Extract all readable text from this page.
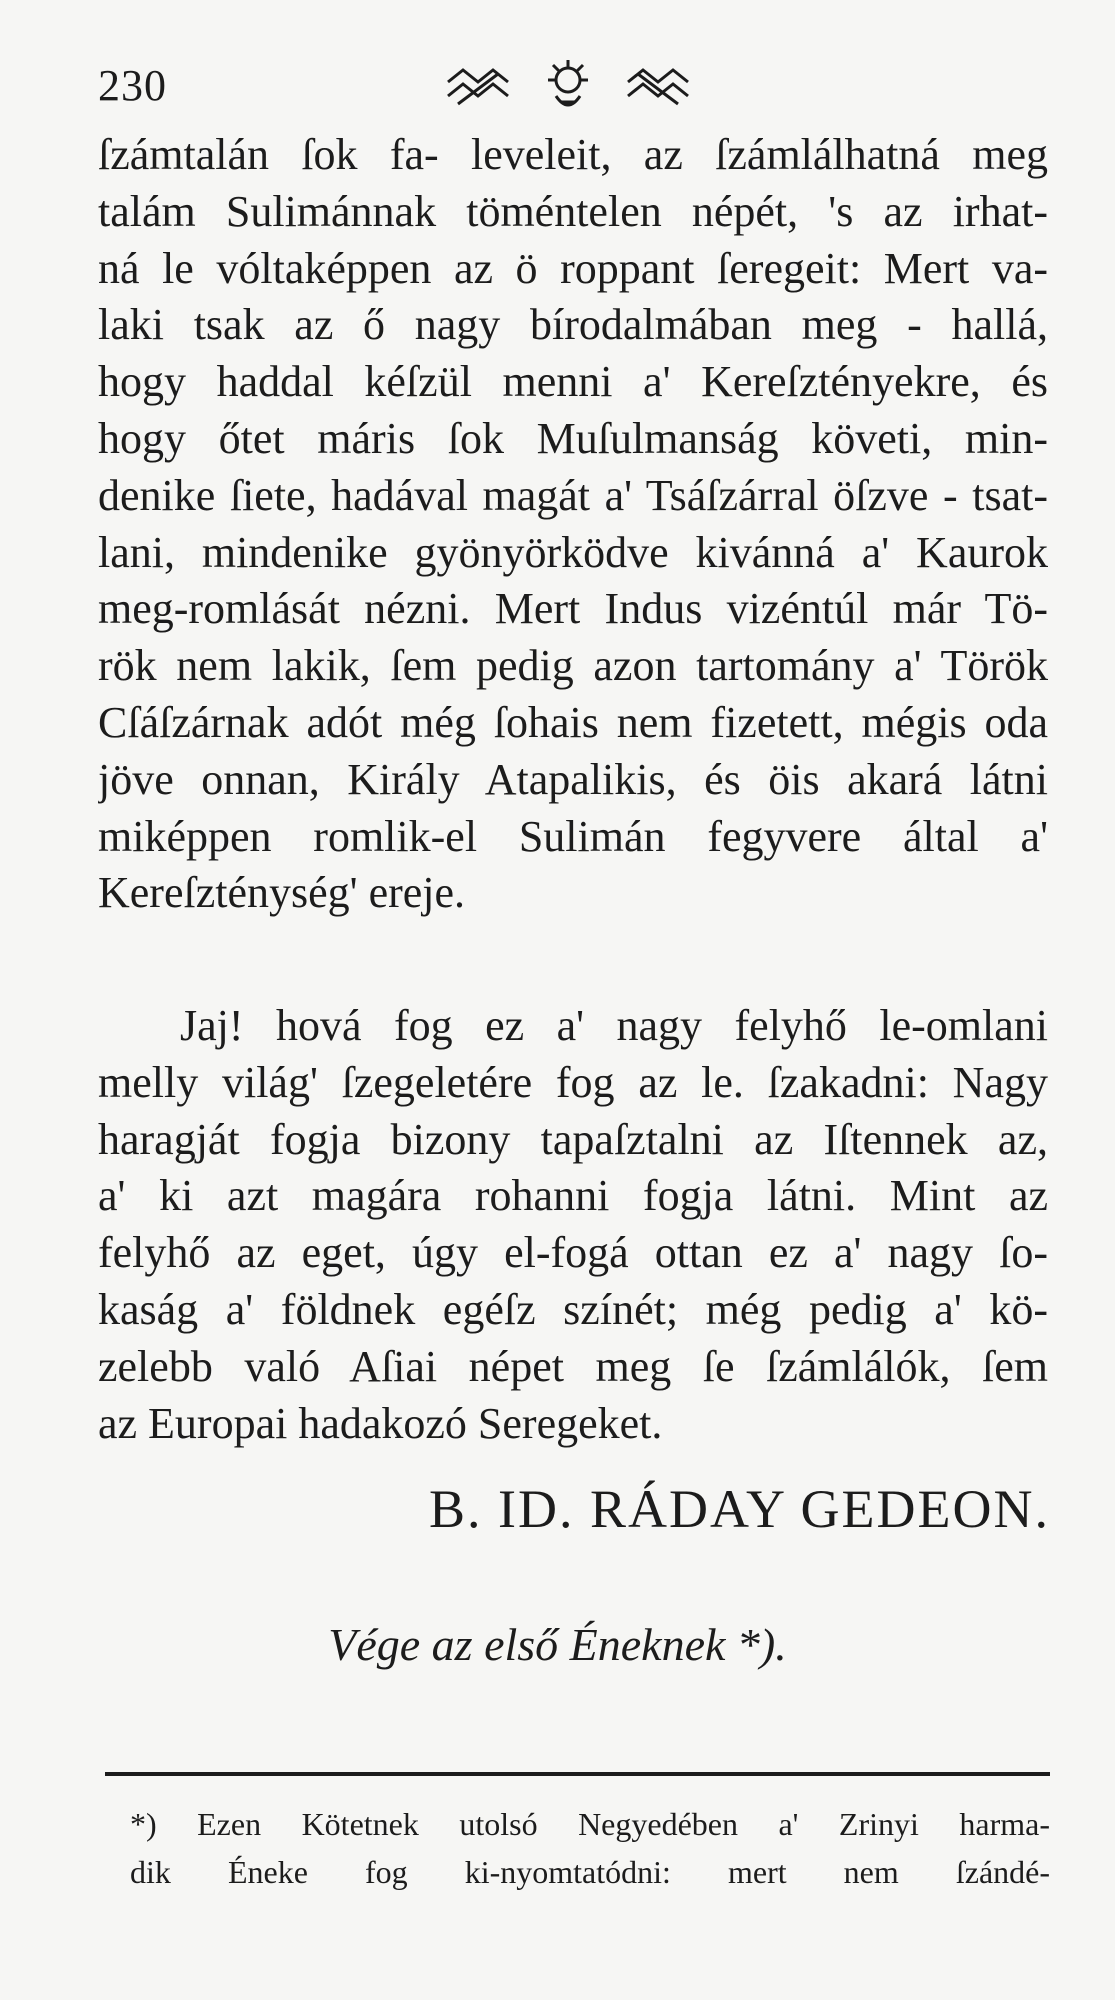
230
ſzámtalán ſok fa- leveleit, az ſzámlálhatná meg
talám Sulimánnak töméntelen népét, 's az irhat-
ná le vóltaképpen az ö roppant ſeregeit: Mert va-
laki tsak az ő nagy bírodalmában meg - hallá,
hogy haddal kéſzül menni a' Kereſztényekre, és
hogy őtet máris ſok Muſulmanság követi, min-
denike ſiete, hadával magát a' Tsáſzárral öſzve - tsat-
lani, mindenike gyönyörködve kivánná a' Kaurok
meg-romlását nézni. Mert Indus vizéntúl már Tö-
rök nem lakik, ſem pedig azon tartomány a' Török
Cſáſzárnak adót még ſohais nem fizetett, mégis oda
jöve onnan, Király Atapalikis, és öis akará látni
miképpen romlik-el Sulimán fegyvere által a'
Kereſzténység' ereje.
Jaj! hová fog ez a' nagy felyhő le-omlani
melly világ' ſzegeletére fog az le. ſzakadni: Nagy
haragját fogja bizony tapaſztalni az Iſtennek az,
a' ki azt magára rohanni fogja látni. Mint az
felyhő az eget, úgy el-fogá ottan ez a' nagy ſo-
kaság a' földnek egéſz színét; még pedig a' kö-
zelebb való Aſiai népet meg ſe ſzámlálók, ſem
az Europai hadakozó Seregeket.
B. ID. RÁDAY GEDEON.
Vége az első Éneknek *).
*) Ezen Kötetnek utolsó Negyedében a' Zrinyi harma-
dik Éneke fog ki-nyomtatódni: mert nem ſzándé-
